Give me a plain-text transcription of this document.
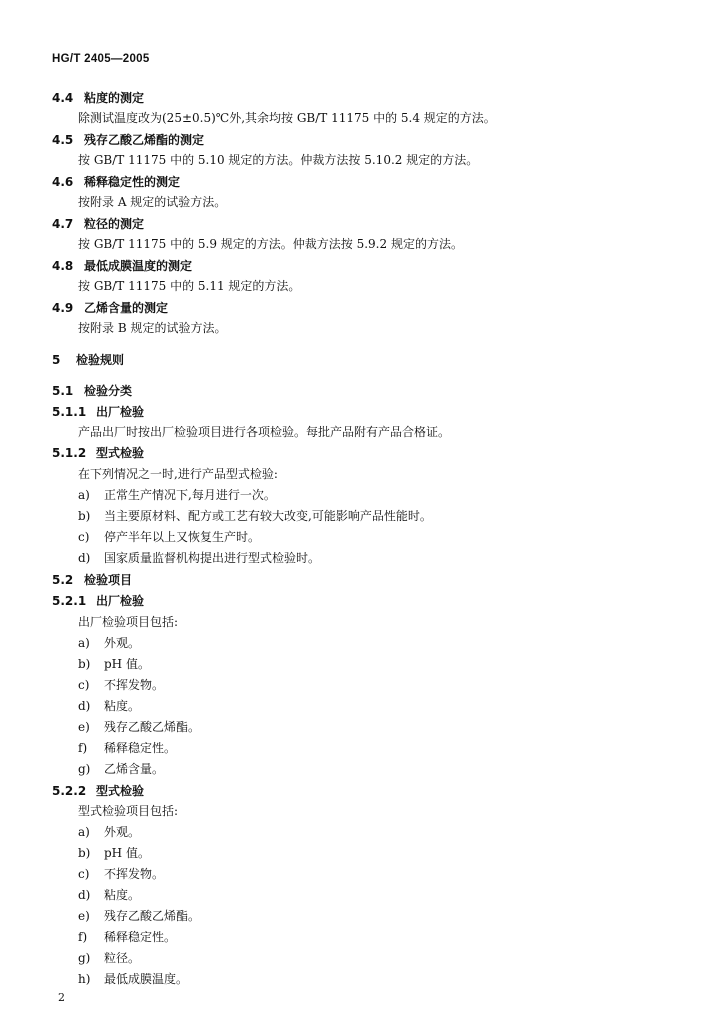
HG/T 2405—2005
4.4 粘度的测定
除测试温度改为(25±0.5)℃外,其余均按 GB/T 11175 中的 5.4 规定的方法。
4.5 残存乙酸乙烯酯的测定
按 GB/T 11175 中的 5.10 规定的方法。仲裁方法按 5.10.2 规定的方法。
4.6 稀释稳定性的测定
按附录 A 规定的试验方法。
4.7 粒径的测定
按 GB/T 11175 中的 5.9 规定的方法。仲裁方法按 5.9.2 规定的方法。
4.8 最低成膜温度的测定
按 GB/T 11175 中的 5.11 规定的方法。
4.9 乙烯含量的测定
按附录 B 规定的试验方法。
5 检验规则
5.1 检验分类
5.1.1 出厂检验
产品出厂时按出厂检验项目进行各项检验。每批产品附有产品合格证。
5.1.2 型式检验
在下列情况之一时,进行产品型式检验:
a) 正常生产情况下,每月进行一次。
b) 当主要原材料、配方或工艺有较大改变,可能影响产品性能时。
c) 停产半年以上又恢复生产时。
d) 国家质量监督机构提出进行型式检验时。
5.2 检验项目
5.2.1 出厂检验
出厂检验项目包括:
a) 外观。
b) pH 值。
c) 不挥发物。
d) 粘度。
e) 残存乙酸乙烯酯。
f) 稀释稳定性。
g) 乙烯含量。
5.2.2 型式检验
型式检验项目包括:
a) 外观。
b) pH 值。
c) 不挥发物。
d) 粘度。
e) 残存乙酸乙烯酯。
f) 稀释稳定性。
g) 粒径。
h) 最低成膜温度。
2
